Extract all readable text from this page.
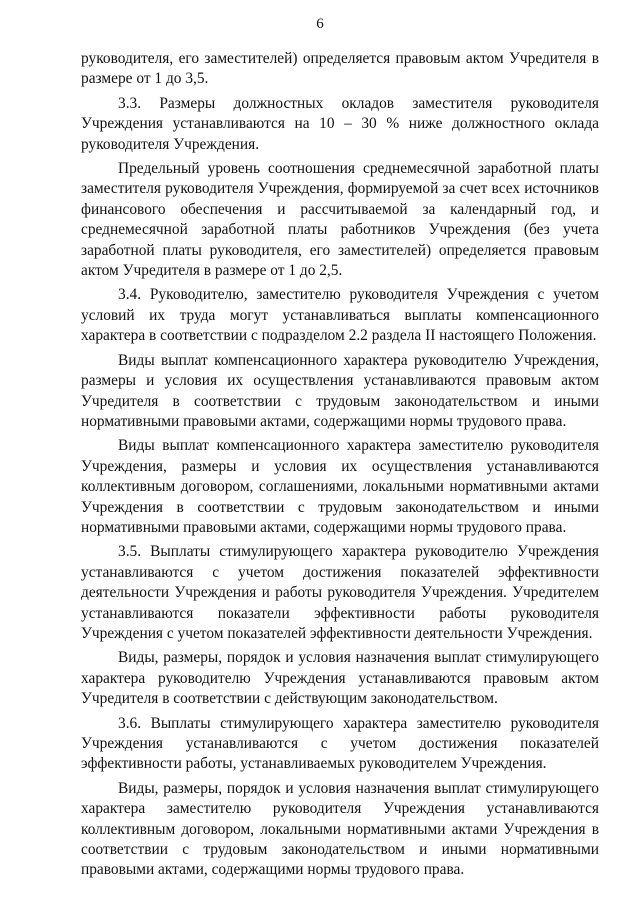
6

руководителя, его заместителей) определяется правовым актом Учредителя в размере от 1 до 3,5.

3.3. Размеры должностных окладов заместителя руководителя Учреждения устанавливаются на 10 – 30 % ниже должностного оклада руководителя Учреждения.

Предельный уровень соотношения среднемесячной заработной платы заместителя руководителя Учреждения, формируемой за счет всех источников финансового обеспечения и рассчитываемой за календарный год, и среднемесячной заработной платы работников Учреждения (без учета заработной платы руководителя, его заместителей) определяется правовым актом Учредителя в размере от 1 до 2,5.

3.4. Руководителю, заместителю руководителя Учреждения с учетом условий их труда могут устанавливаться выплаты компенсационного характера в соответствии с подразделом 2.2 раздела II настоящего Положения.

Виды выплат компенсационного характера руководителю Учреждения, размеры и условия их осуществления устанавливаются правовым актом Учредителя в соответствии с трудовым законодательством и иными нормативными правовыми актами, содержащими нормы трудового права.

Виды выплат компенсационного характера заместителю руководителя Учреждения, размеры и условия их осуществления устанавливаются коллективным договором, соглашениями, локальными нормативными актами Учреждения в соответствии с трудовым законодательством и иными нормативными правовыми актами, содержащими нормы трудового права.

3.5. Выплаты стимулирующего характера руководителю Учреждения устанавливаются с учетом достижения показателей эффективности деятельности Учреждения и работы руководителя Учреждения. Учредителем устанавливаются показатели эффективности работы руководителя Учреждения с учетом показателей эффективности деятельности Учреждения.

Виды, размеры, порядок и условия назначения выплат стимулирующего характера руководителю Учреждения устанавливаются правовым актом Учредителя в соответствии с действующим законодательством.

3.6. Выплаты стимулирующего характера заместителю руководителя Учреждения устанавливаются с учетом достижения показателей эффективности работы, устанавливаемых руководителем Учреждения.

Виды, размеры, порядок и условия назначения выплат стимулирующего характера заместителю руководителя Учреждения устанавливаются коллективным договором, локальными нормативными актами Учреждения в соответствии с трудовым законодательством и иными нормативными правовыми актами, содержащими нормы трудового права.
